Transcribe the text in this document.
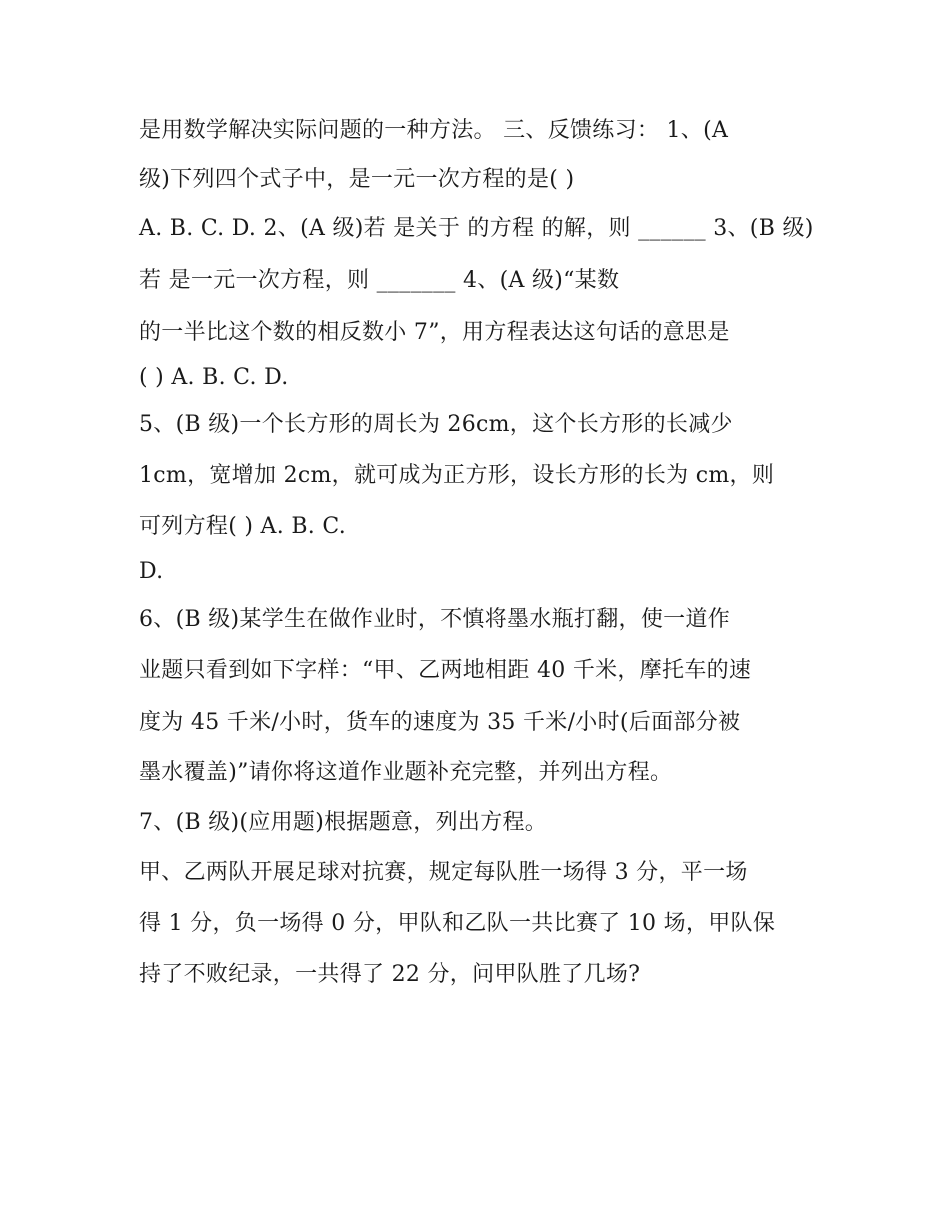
是用数学解决实际问题的一种方法。 三、反馈练习： 1、(A
级)下列四个式子中，是一元一次方程的是( )
A. B. C. D. 2、(A 级)若 是关于 的方程 的解，则 ______ 3、(B 级)
若 是一元一次方程，则 _______ 4、(A 级)“某数
的一半比这个数的相反数小 7”，用方程表达这句话的意思是
( ) A. B. C. D.
5、(B 级)一个长方形的周长为 26cm，这个长方形的长减少
1cm，宽增加 2cm，就可成为正方形，设长方形的长为 cm，则
可列方程( ) A. B. C.
D.
6、(B 级)某学生在做作业时，不慎将墨水瓶打翻，使一道作
业题只看到如下字样：“甲、乙两地相距 40 千米，摩托车的速
度为 45 千米/小时，货车的速度为 35 千米/小时(后面部分被
墨水覆盖)”请你将这道作业题补充完整，并列出方程。
7、(B 级)(应用题)根据题意，列出方程。
甲、乙两队开展足球对抗赛，规定每队胜一场得 3 分，平一场
得 1 分，负一场得 0 分，甲队和乙队一共比赛了 10 场，甲队保
持了不败纪录，一共得了 22 分，问甲队胜了几场?
